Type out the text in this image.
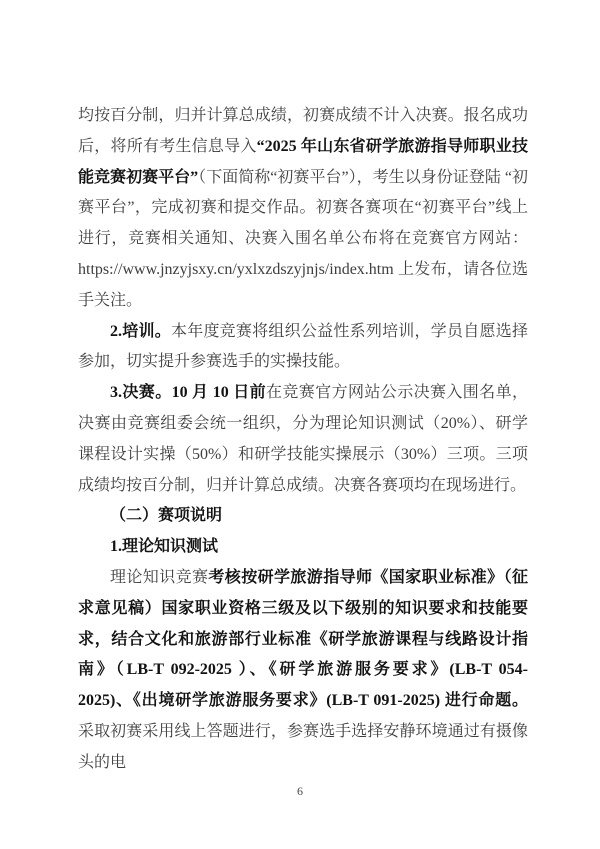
均按百分制，归并计算总成绩，初赛成绩不计入决赛。报名成功后，将所有考生信息导入“2025 年山东省研学旅游指导师职业技能竞赛初赛平台”（下面简称“初赛平台”），考生以身份证登陆 “初赛平台”，完成初赛和提交作品。初赛各赛项在“初赛平台”线上进行，竞赛相关通知、决赛入围名单公布将在竞赛官方网站：https://www.jnzyjsxy.cn/yxlxzdszyjnjs/index.htm 上发布，请各位选手关注。

2.培训。本年度竞赛将组织公益性系列培训，学员自愿选择参加，切实提升参赛选手的实操技能。

3.决赛。10 月 10 日前在竞赛官方网站公示决赛入围名单，决赛由竞赛组委会统一组织，分为理论知识测试（20%）、研学课程设计实操（50%）和研学技能实操展示（30%）三项。三项成绩均按百分制，归并计算总成绩。决赛各赛项均在现场进行。

（二）赛项说明

1.理论知识测试

理论知识竞赛考核按研学旅游指导师《国家职业标准》（征求意见稿）国家职业资格三级及以下级别的知识要求和技能要求，结合文化和旅游部行业标准《研学旅游课程与线路设计指南》（LB-T 092-2025 ）、《研学旅游服务要求》(LB-T 054-2025)、《出境研学旅游服务要求》(LB-T 091-2025) 进行命题。采取初赛采用线上答题进行，参赛选手选择安静环境通过有摄像头的电

6
